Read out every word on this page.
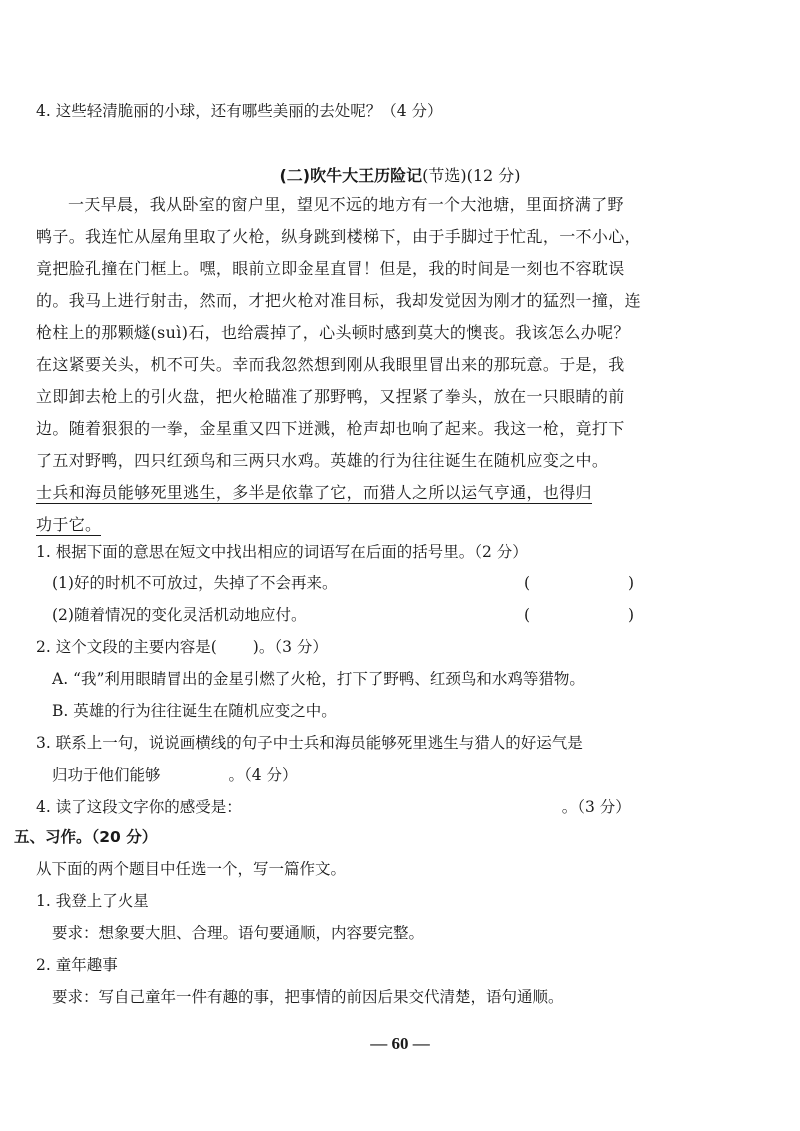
4. 这些轻清脆丽的小球，还有哪些美丽的去处呢？（4 分）
(二)吹牛大王历险记(节选)(12 分)
一天早晨，我从卧室的窗户里，望见不远的地方有一个大池塘，里面挤满了野
鸭子。我连忙从屋角里取了火枪，纵身跳到楼梯下，由于手脚过于忙乱，一不小心，
竟把脸孔撞在门框上。嘿，眼前立即金星直冒！但是，我的时间是一刻也不容耽误
的。我马上进行射击，然而，才把火枪对准目标，我却发觉因为刚才的猛烈一撞，连
枪柱上的那颗燧(suì)石，也给震掉了，心头顿时感到莫大的懊丧。我该怎么办呢？
在这紧要关头，机不可失。幸而我忽然想到刚从我眼里冒出来的那玩意。于是，我
立即卸去枪上的引火盘，把火枪瞄准了那野鸭，又捏紧了拳头，放在一只眼睛的前
边。随着狠狠的一拳，金星重又四下迸溅，枪声却也响了起来。我这一枪，竟打下
了五对野鸭，四只红颈鸟和三两只水鸡。英雄的行为往往诞生在随机应变之中。
士兵和海员能够死里逃生，多半是依靠了它，而猎人之所以运气亨通，也得归
功于它。
1. 根据下面的意思在短文中找出相应的词语写在后面的括号里。（2 分）
(1)好的时机不可放过，失掉了不会再来。	(	)
(2)随着情况的变化灵活机动地应付。	(	)
2. 这个文段的主要内容是( )。（3 分）
A. “我”利用眼睛冒出的金星引燃了火枪，打下了野鸭、红颈鸟和水鸡等猎物。
B. 英雄的行为往往诞生在随机应变之中。
3. 联系上一句，说说画横线的句子中士兵和海员能够死里逃生与猎人的好运气是
归功于他们能够	。（4 分）
4. 读了这段文字你的感受是：	。（3 分）
五、习作。（20 分）
从下面的两个题目中任选一个，写一篇作文。
1. 我登上了火星
要求：想象要大胆、合理。语句要通顺，内容要完整。
2. 童年趣事
要求：写自己童年一件有趣的事，把事情的前因后果交代清楚，语句通顺。
— 60 —
